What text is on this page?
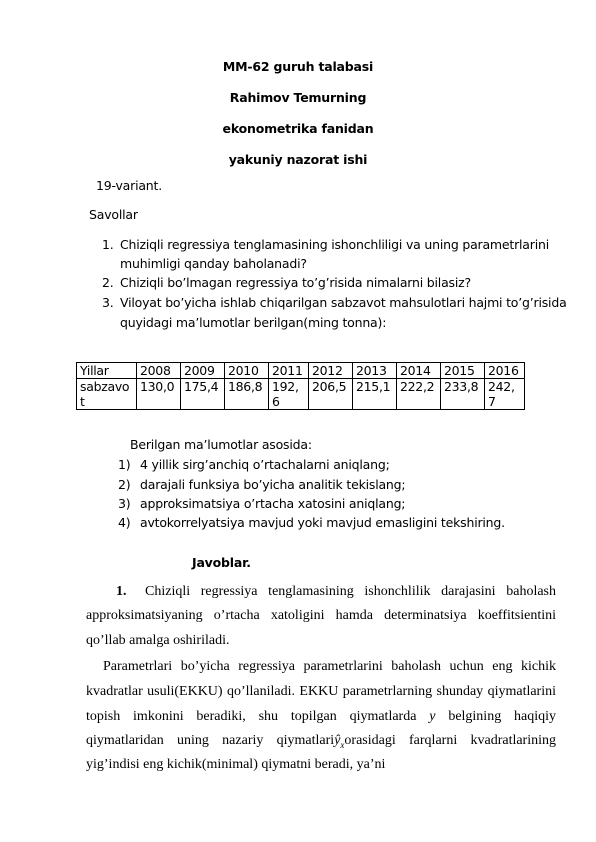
MM-62 guruh talabasi
Rahimov Temurning
ekonometrika fanidan
yakuniy nazorat ishi
19-variant.
Savollar
1. Chiziqli regressiya tenglamasining ishonchliligi va uning parametrlarini
muhimligi qanday baholanadi?
2. Chiziqli bo’lmagan regressiya to’g’risida nimalarni bilasiz?
3. Viloyat bo’yicha ishlab chiqarilgan sabzavot mahsulotlari hajmi to’g’risida
quyidagi ma’lumotlar berilgan(ming tonna):
Yillar	2008	2009	2010	2011	2012	2013	2014	2015	2016
sabzavot	130,0	175,4	186,8	192,6	206,5	215,1	222,2	233,8	242,7
Berilgan ma’lumotlar asosida:
1) 4 yillik sirg’anchiq o’rtachalarni aniqlang;
2) darajali funksiya bo’yicha analitik tekislang;
3) approksimatsiya o’rtacha xatosini aniqlang;
4) avtokorrelyatsiya mavjud yoki mavjud emasligini tekshiring.
Javoblar.
1. Chiziqli regressiya tenglamasining ishonchlilik darajasini baholash
approksimatsiyaning o’rtacha xatoligini hamda determinatsiya koeffitsientini
qo’llab amalga oshiriladi.
Parametrlari bo’yicha regressiya parametrlarini baholash uchun eng kichik
kvadratlar usuli(EKKU) qo’llaniladi. EKKU parametrlarning shunday qiymatlarini
topish imkonini beradiki, shu topilgan qiymatlarda y belgining haqiqiy
qiymatlaridan uning nazariy qiymatlariŷ$_x$orasidagi farqlarni kvadratlarining
yig’indisi eng kichik(minimal) qiymatni beradi, ya’ni
